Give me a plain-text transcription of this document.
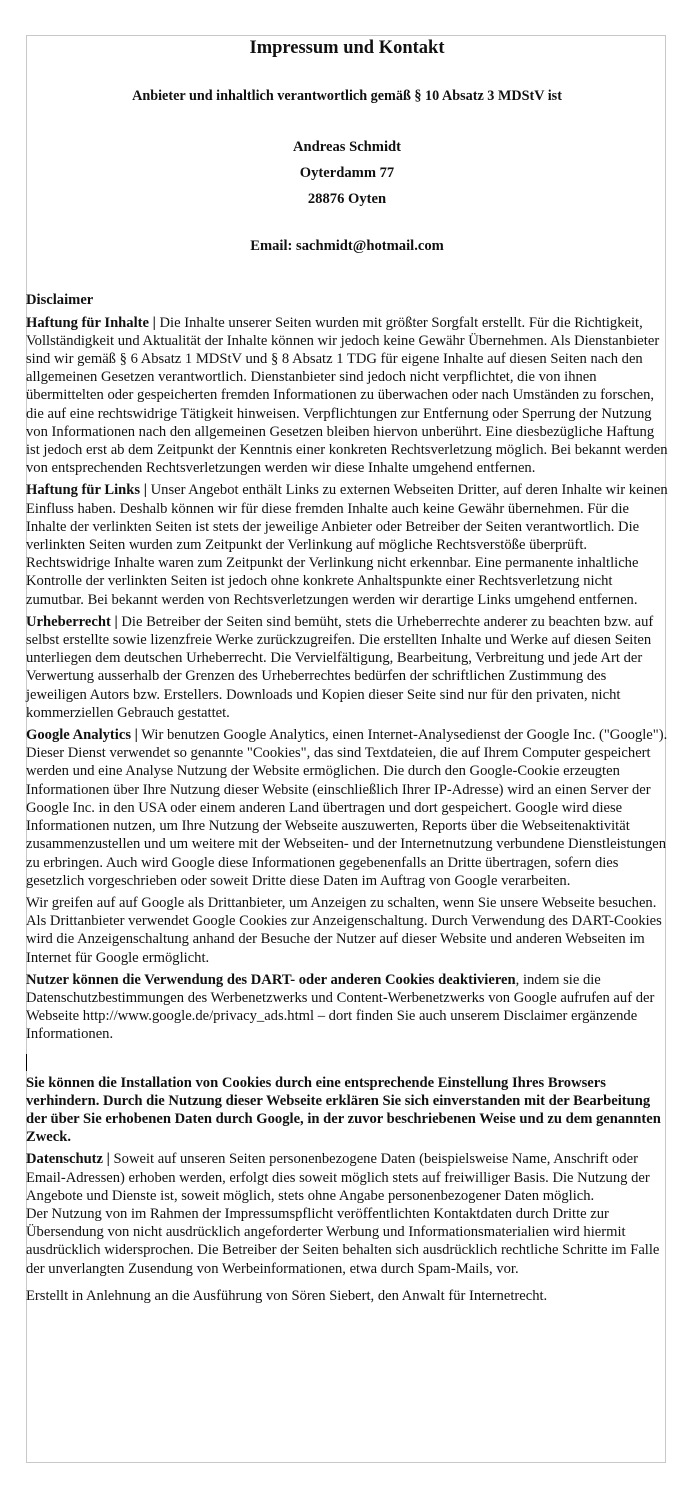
Impressum und Kontakt
Anbieter und inhaltlich verantwortlich gemäß § 10 Absatz 3 MDStV ist
Andreas Schmidt
Oyterdamm 77
28876 Oyten
Email: sachmidt@hotmail.com
Disclaimer

Haftung für Inhalte | Die Inhalte unserer Seiten wurden mit größter Sorgfalt erstellt. Für die Richtigkeit, Vollständigkeit und Aktualität der Inhalte können wir jedoch keine Gewähr Übernehmen. Als Dienstanbieter sind wir gemäß § 6 Absatz 1 MDStV und § 8 Absatz 1 TDG für eigene Inhalte auf diesen Seiten nach den allgemeinen Gesetzen verantwortlich. Dienstanbieter sind jedoch nicht verpflichtet, die von ihnen übermittelten oder gespeicherten fremden Informationen zu überwachen oder nach Umständen zu forschen, die auf eine rechtswidrige Tätigkeit hinweisen. Verpflichtungen zur Entfernung oder Sperrung der Nutzung von Informationen nach den allgemeinen Gesetzen bleiben hiervon unberührt. Eine diesbezügliche Haftung ist jedoch erst ab dem Zeitpunkt der Kenntnis einer konkreten Rechtsverletzung möglich. Bei bekannt werden von entsprechenden Rechtsverletzungen werden wir diese Inhalte umgehend entfernen.

Haftung für Links | Unser Angebot enthält Links zu externen Webseiten Dritter, auf deren Inhalte wir keinen Einfluss haben. Deshalb können wir für diese fremden Inhalte auch keine Gewähr übernehmen. Für die Inhalte der verlinkten Seiten ist stets der jeweilige Anbieter oder Betreiber der Seiten verantwortlich. Die verlinkten Seiten wurden zum Zeitpunkt der Verlinkung auf mögliche Rechtsverstöße überprüft. Rechtswidrige Inhalte waren zum Zeitpunkt der Verlinkung nicht erkennbar. Eine permanente inhaltliche Kontrolle der verlinkten Seiten ist jedoch ohne konkrete Anhaltspunkte einer Rechtsverletzung nicht zumutbar. Bei bekannt werden von Rechtsverletzungen werden wir derartige Links umgehend entfernen.

Urheberrecht | Die Betreiber der Seiten sind bemüht, stets die Urheberrechte anderer zu beachten bzw. auf selbst erstellte sowie lizenzfreie Werke zurückzugreifen. Die erstellten Inhalte und Werke auf diesen Seiten unterliegen dem deutschen Urheberrecht. Die Vervielfältigung, Bearbeitung, Verbreitung und jede Art der Verwertung ausserhalb der Grenzen des Urheberrechtes bedürfen der schriftlichen Zustimmung des jeweiligen Autors bzw. Erstellers. Downloads und Kopien dieser Seite sind nur für den privaten, nicht kommerziellen Gebrauch gestattet.

Google Analytics | Wir benutzen Google Analytics, einen Internet-Analysedienst der Google Inc. ("Google"). Dieser Dienst verwendet so genannte "Cookies", das sind Textdateien, die auf Ihrem Computer gespeichert werden und eine Analyse Nutzung der Website ermöglichen. Die durch den Google-Cookie erzeugten Informationen über Ihre Nutzung dieser Website (einschließlich Ihrer IP-Adresse) wird an einen Server der Google Inc. in den USA oder einem anderen Land übertragen und dort gespeichert. Google wird diese Informationen nutzen, um Ihre Nutzung der Webseite auszuwerten, Reports über die Webseitenaktivität zusammenzustellen und um weitere mit der Webseiten- und der Internetnutzung verbundene Dienstleistungen zu erbringen. Auch wird Google diese Informationen gegebenenfalls an Dritte übertragen, sofern dies gesetzlich vorgeschrieben oder soweit Dritte diese Daten im Auftrag von Google verarbeiten.

Wir greifen auf auf Google als Drittanbieter, um Anzeigen zu schalten, wenn Sie unsere Webseite besuchen. Als Drittanbieter verwendet Google Cookies zur Anzeigenschaltung. Durch Verwendung des DART-Cookies wird die Anzeigenschaltung anhand der Besuche der Nutzer auf dieser Website und anderen Webseiten im Internet für Google ermöglicht.

Nutzer können die Verwendung des DART- oder anderen Cookies deaktivieren, indem sie die Datenschutzbestimmungen des Werbenetzwerks und Content-Werbenetzwerks von Google aufrufen auf der Webseite http://www.google.de/privacy_ads.html – dort finden Sie auch unserem Disclaimer ergänzende Informationen.

Sie können die Installation von Cookies durch eine entsprechende Einstellung Ihres Browsers verhindern. Durch die Nutzung dieser Webseite erklären Sie sich einverstanden mit der Bearbeitung der über Sie erhobenen Daten durch Google, in der zuvor beschriebenen Weise und zu dem genannten Zweck.

Datenschutz | Soweit auf unseren Seiten personenbezogene Daten (beispielsweise Name, Anschrift oder Email-Adressen) erhoben werden, erfolgt dies soweit möglich stets auf freiwilliger Basis. Die Nutzung der Angebote und Dienste ist, soweit möglich, stets ohne Angabe personenbezogener Daten möglich.
Der Nutzung von im Rahmen der Impressumspflicht veröffentlichten Kontaktdaten durch Dritte zur Übersendung von nicht ausdrücklich angeforderter Werbung und Informationsmaterialien wird hiermit ausdrücklich widersprochen. Die Betreiber der Seiten behalten sich ausdrücklich rechtliche Schritte im Falle der unverlangten Zusendung von Werbeinformationen, etwa durch Spam-Mails, vor.

Erstellt in Anlehnung an die Ausführung von Sören Siebert, den Anwalt für Internetrecht.
